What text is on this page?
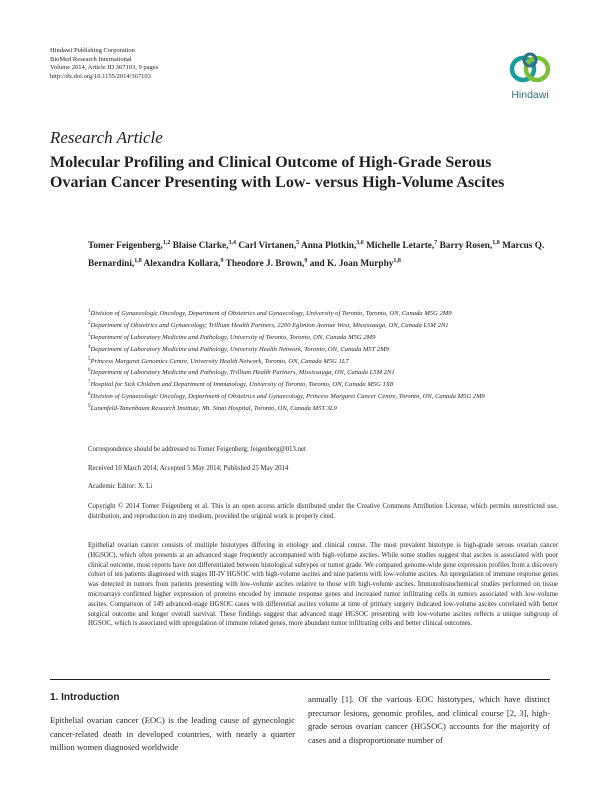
Hindawi Publishing Corporation
BioMed Research International
Volume 2014, Article ID 367103, 9 pages
http://dx.doi.org/10.1155/2014/367103
Hindawi
Research Article
Molecular Profiling and Clinical Outcome of High-Grade Serous Ovarian Cancer Presenting with Low- versus High-Volume Ascites
Tomer Feigenberg,$^{1,2}$ Blaise Clarke,$^{3,4}$ Carl Virtanen,$^5$ Anna Plotkin,$^{3,6}$ Michelle Letarte,$^7$ Barry Rosen,$^{1,8}$ Marcus Q. Bernardini,$^{1,8}$ Alexandra Kollara,$^9$ Theodore J. Brown,$^9$ and K. Joan Murphy$^{1,8}$

$^1$Division of Gynaecologic Oncology, Department of Obstetrics and Gynaecology, University of Toronto, Toronto, ON, Canada M5G 2M9

$^2$Department of Obstetrics and Gynaecology, Trillium Health Partners, 2200 Eglinton Avenue West, Mississauga, ON, Canada L5M 2N1

$^3$Department of Laboratory Medicine and Pathology, University of Toronto, Toronto, ON, Canada M5G 2M9

$^4$Department of Laboratory Medicine and Pathology, University Health Network, Toronto, ON, Canada M5T 2M9

$^5$Princess Margaret Genomics Centre, University Health Network, Toronto, ON, Canada M5G 1L7

$^6$Department of Laboratory Medicine and Pathology, Trillium Health Partners, Mississauga, ON, Canada L5M 2N1

$^7$Hospital for Sick Children and Department of Immunology, University of Toronto, Toronto, ON, Canada M5G 1X8

$^8$Division of Gynaecologic Oncology, Department of Obstetrics and Gynaecology, Princess Margaret Cancer Centre, Toronto, ON, Canada M5G 2M9

$^9$Lunenfeld-Tanenbaum Research Institute, Mt. Sinai Hospital, Toronto, ON, Canada M5T 3L9

Correspondence should be addressed to Tomer Feigenberg; feigenberg@013.net
Received 10 March 2014; Accepted 5 May 2014; Published 25 May 2014
Academic Editor: X. Li
Copyright © 2014 Tomer Feigenberg et al. This is an open access article distributed under the Creative Commons Attribution License, which permits unrestricted use, distribution, and reproduction in any medium, provided the original work is properly cited.
Epithelial ovarian cancer consists of multiple histotypes differing in etiology and clinical course. The most prevalent histotype is high-grade serous ovarian cancer (HGSOC), which often presents at an advanced stage frequently accompanied with high-volume ascites. While some studies suggest that ascites is associated with poor clinical outcome, most reports have not differentiated between histological subtypes or tumor grade. We compared genome-wide gene expression profiles from a discovery cohort of ten patients diagnosed with stages III-IV HGSOC with high-volume ascites and nine patients with low-volume ascites. An upregulation of immune response genes was detected in tumors from patients presenting with low-volume ascites relative to those with high-volume ascites. Immunohistochemical studies performed on tissue microarrays confirmed higher expression of proteins encoded by immune response genes and increased tumor infiltrating cells in tumors associated with low-volume ascites. Comparison of 149 advanced-stage HGSOC cases with differential ascites volume at time of primary surgery indicated low-volume ascites correlated with better surgical outcome and longer overall survival. These findings suggest that advanced stage HGSOC presenting with low-volume ascites reflects a unique subgroup of HGSOC, which is associated with upregulation of immune related genes, more abundant tumor infiltrating cells and better clinical outcomes.
1. Introduction
Epithelial ovarian cancer (EOC) is the leading cause of gynecologic cancer-related death in developed countries, with nearly a quarter million women diagnosed worldwide
annually [1]. Of the various EOC histotypes, which have distinct precursor lesions, genomic profiles, and clinical course [2, 3], high-grade serous ovarian cancer (HGSOC) accounts for the majority of cases and a disproportionate number of
